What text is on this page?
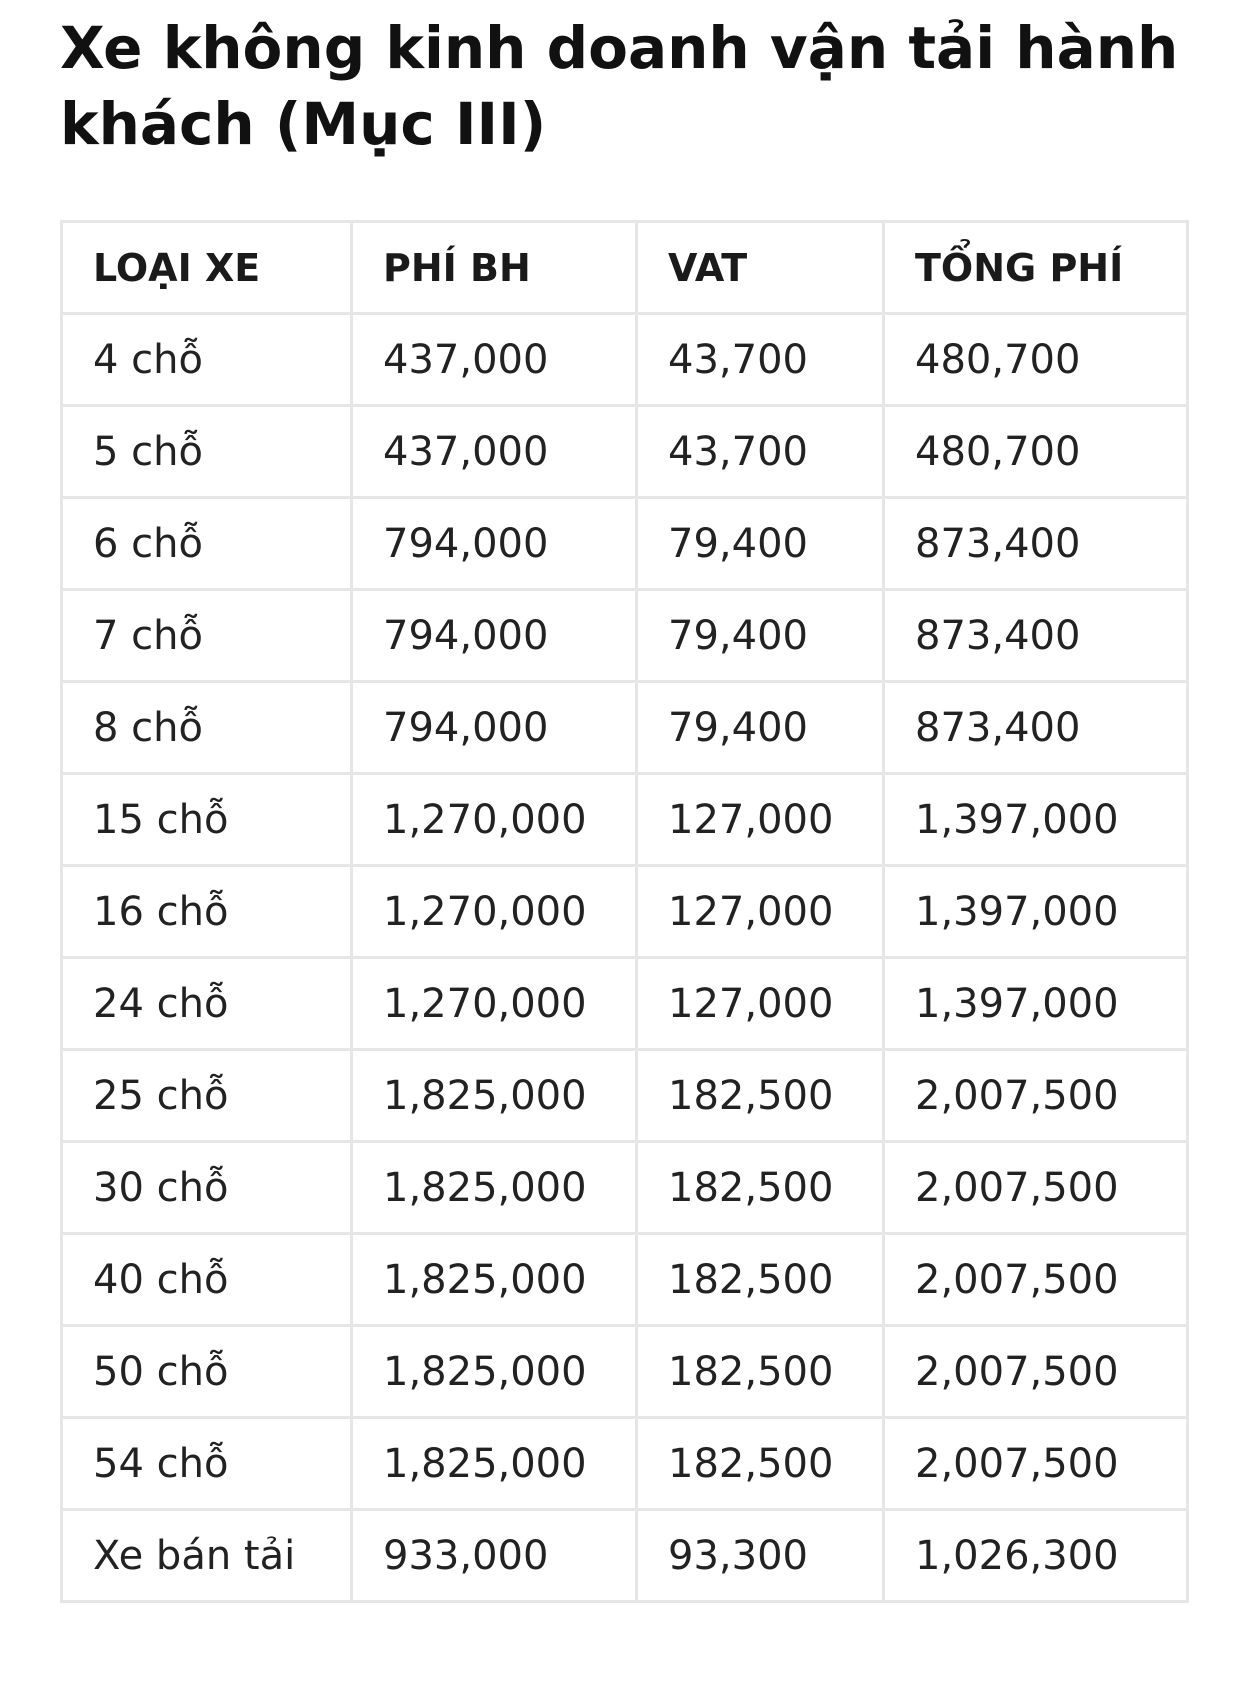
Xe không kinh doanh vận tải hành khách (Mục III)
LOẠI XE	PHÍ BH	VAT	TỔNG PHÍ
4 chỗ	437,000	43,700	480,700
5 chỗ	437,000	43,700	480,700
6 chỗ	794,000	79,400	873,400
7 chỗ	794,000	79,400	873,400
8 chỗ	794,000	79,400	873,400
15 chỗ	1,270,000	127,000	1,397,000
16 chỗ	1,270,000	127,000	1,397,000
24 chỗ	1,270,000	127,000	1,397,000
25 chỗ	1,825,000	182,500	2,007,500
30 chỗ	1,825,000	182,500	2,007,500
40 chỗ	1,825,000	182,500	2,007,500
50 chỗ	1,825,000	182,500	2,007,500
54 chỗ	1,825,000	182,500	2,007,500
Xe bán tải	933,000	93,300	1,026,300
